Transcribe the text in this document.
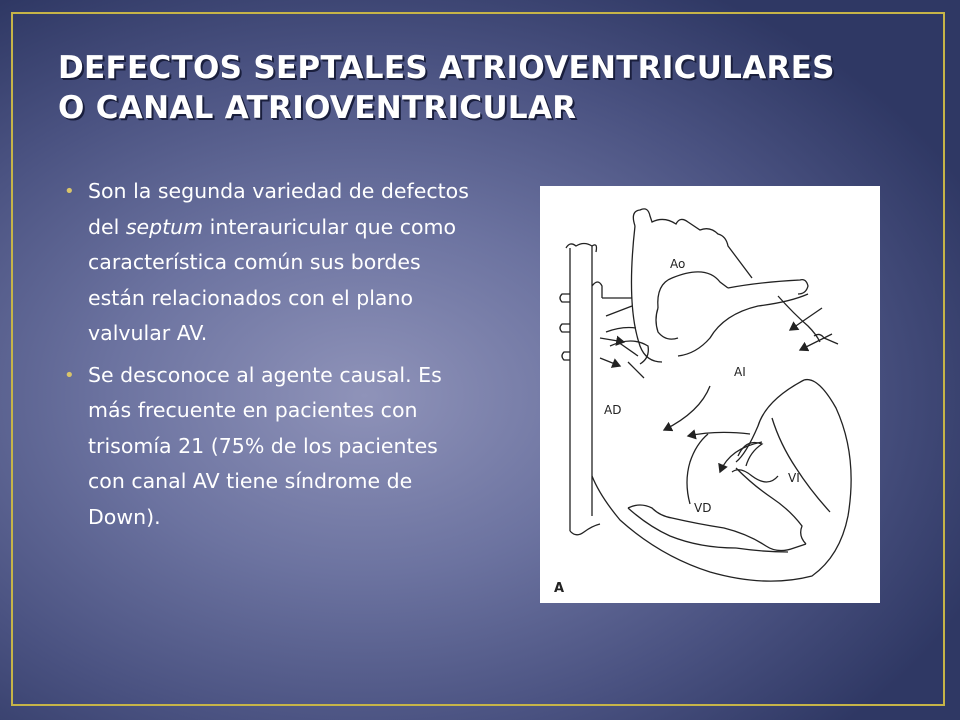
DEFECTOS SEPTALES ATRIOVENTRICULARES
O CANAL ATRIOVENTRICULAR
• Son la segunda variedad de defectos del septum interauricular que como característica común sus bordes están relacionados con el plano valvular AV.
• Se desconoce al agente causal. Es más frecuente en pacientes con trisomía 21 (75% de los pacientes con canal AV tiene síndrome de Down).
Ao
AI
AD
VI
VD
A
